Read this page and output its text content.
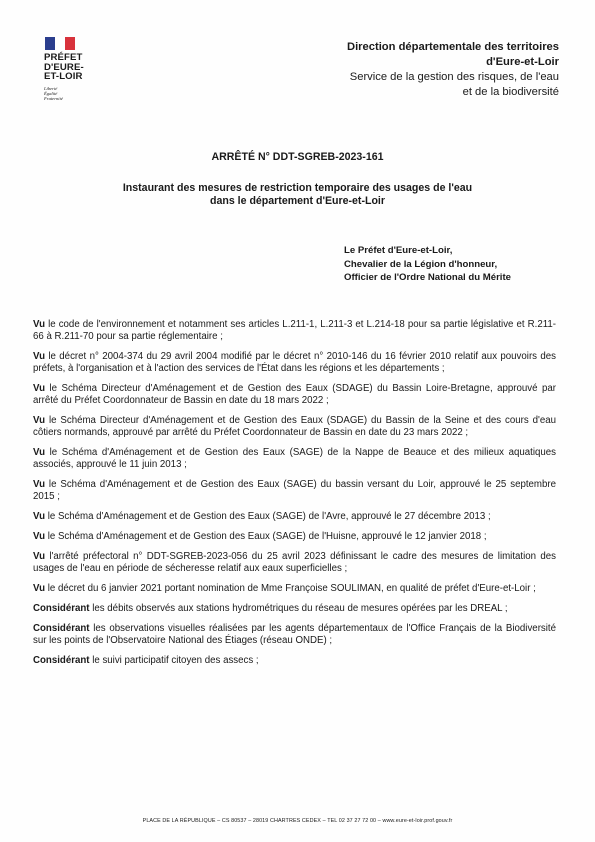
PRÉFET
D'EURE-
ET-LOIR
Liberté
Égalité
Fraternité
Direction départementale des territoires
d'Eure-et-Loir
Service de la gestion des risques, de l'eau
et de la biodiversité
ARRÊTÉ N° DDT-SGREB-2023-161
Instaurant des mesures de restriction temporaire des usages de l'eau
dans le département d'Eure-et-Loir
Le Préfet d'Eure-et-Loir,
Chevalier de la Légion d'honneur,
Officier de l'Ordre National du Mérite

Vu le code de l'environnement et notamment ses articles L.211-1, L.211-3 et L.214-18 pour sa partie législative et R.211-66 à R.211-70 pour sa partie réglementaire ;

Vu le décret n° 2004-374 du 29 avril 2004 modifié par le décret n° 2010-146 du 16 février 2010 relatif aux pouvoirs des préfets, à l'organisation et à l'action des services de l'État dans les régions et les départements ;

Vu le Schéma Directeur d'Aménagement et de Gestion des Eaux (SDAGE) du Bassin Loire-Bretagne, approuvé par arrêté du Préfet Coordonnateur de Bassin en date du 18 mars 2022 ;

Vu le Schéma Directeur d'Aménagement et de Gestion des Eaux (SDAGE) du Bassin de la Seine et des cours d'eau côtiers normands, approuvé par arrêté du Préfet Coordonnateur de Bassin en date du 23 mars 2022 ;

Vu le Schéma d'Aménagement et de Gestion des Eaux (SAGE) de la Nappe de Beauce et des milieux aquatiques associés, approuvé le 11 juin 2013 ;

Vu le Schéma d'Aménagement et de Gestion des Eaux (SAGE) du bassin versant du Loir, approuvé le 25 septembre 2015 ;

Vu le Schéma d'Aménagement et de Gestion des Eaux (SAGE) de l'Avre, approuvé le 27 décembre 2013 ;

Vu le Schéma d'Aménagement et de Gestion des Eaux (SAGE) de l'Huisne, approuvé le 12 janvier 2018 ;

Vu l'arrêté préfectoral n° DDT-SGREB-2023-056 du 25 avril 2023 définissant le cadre des mesures de limitation des usages de l'eau en période de sécheresse relatif aux eaux superficielles ;

Vu le décret du 6 janvier 2021 portant nomination de Mme Françoise SOULIMAN, en qualité de préfet d'Eure-et-Loir ;

Considérant les débits observés aux stations hydrométriques du réseau de mesures opérées par les DREAL ;

Considérant les observations visuelles réalisées par les agents départementaux de l'Office Français de la Biodiversité sur les points de l'Observatoire National des Étiages (réseau ONDE) ;

Considérant le suivi participatif citoyen des assecs ;

PLACE DE LA RÉPUBLIQUE – CS 80537 – 28019 CHARTRES CEDEX – TEL 02 37 27 72 00 – www.eure-et-loir.prof.gouv.fr
